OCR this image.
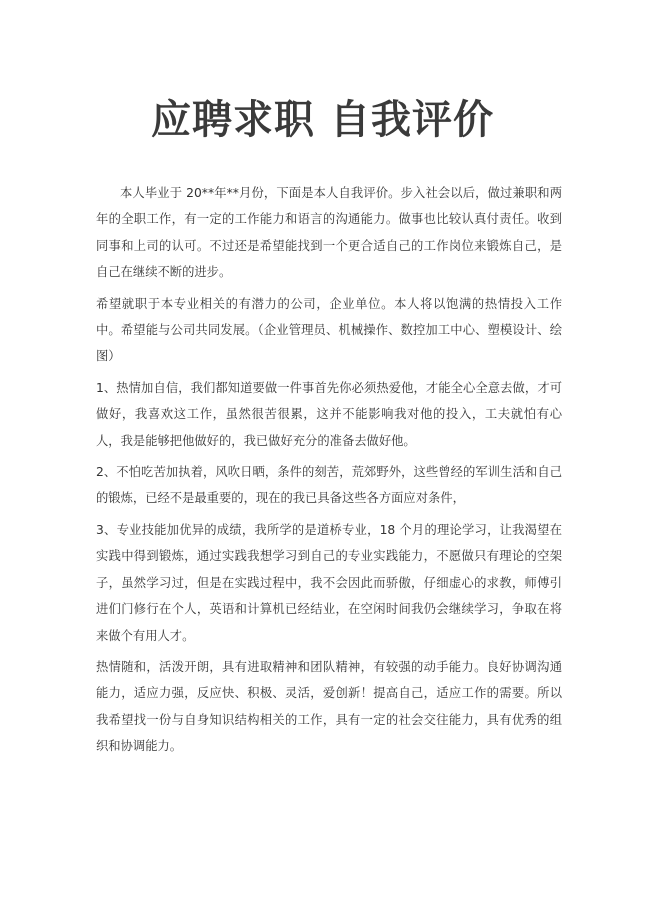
应聘求职 自我评价

本人毕业于 20**年**月份，下面是本人自我评价。步入社会以后，做过兼职和两年的全职工作，有一定的工作能力和语言的沟通能力。做事也比较认真付责任。收到同事和上司的认可。不过还是希望能找到一个更合适自己的工作岗位来锻炼自己，是自己在继续不断的进步。

希望就职于本专业相关的有潜力的公司，企业单位。本人将以饱满的热情投入工作中。希望能与公司共同发展。（企业管理员、机械操作、数控加工中心、塑模设计、绘图）

1、热情加自信，我们都知道要做一件事首先你必须热爱他，才能全心全意去做，才可做好，我喜欢这工作，虽然很苦很累，这并不能影响我对他的投入，工夫就怕有心人，我是能够把他做好的，我已做好充分的准备去做好他。

2、不怕吃苦加执着，风吹日晒，条件的刻苦，荒郊野外，这些曾经的军训生活和自己的锻炼，已经不是最重要的，现在的我已具备这些各方面应对条件，

3、专业技能加优异的成绩，我所学的是道桥专业，18 个月的理论学习，让我渴望在实践中得到锻炼，通过实践我想学习到自己的专业实践能力，不愿做只有理论的空架子，虽然学习过，但是在实践过程中，我不会因此而骄傲，仔细虚心的求教，师傅引进们门修行在个人，英语和计算机已经结业，在空闲时间我仍会继续学习，争取在将来做个有用人才。

热情随和，活泼开朗，具有进取精神和团队精神，有较强的动手能力。良好协调沟通能力，适应力强，反应快、积极、灵活，爱创新！提高自己，适应工作的需要。所以我希望找一份与自身知识结构相关的工作，具有一定的社会交往能力，具有优秀的组织和协调能力。
